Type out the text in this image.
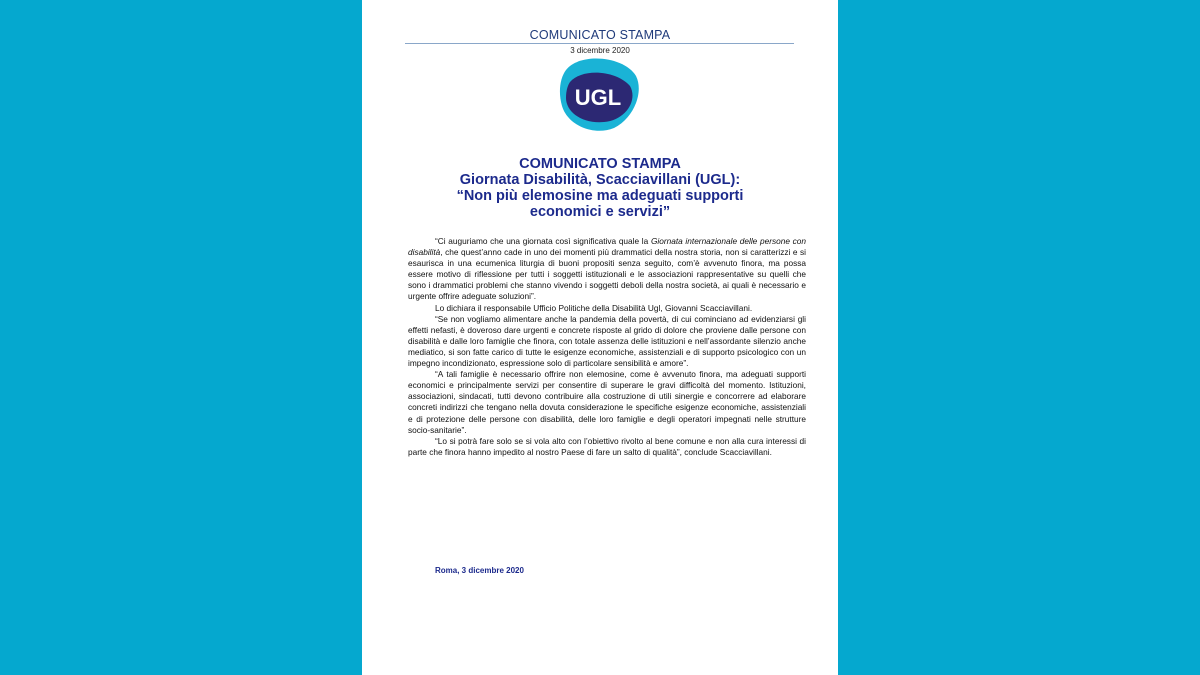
COMUNICATO STAMPA
3 dicembre 2020
UGL
COMUNICATO STAMPA
Giornata Disabilità, Scacciavillani (UGL):
“Non più elemosine ma adeguati supporti
economici e servizi”

“Ci auguriamo che una giornata così significativa quale la Giornata internazionale delle persone con disabilità, che quest’anno cade in uno dei momenti più drammatici della nostra storia, non si caratterizzi e si esaurisca in una ecumenica liturgia di buoni propositi senza seguito, com’è avvenuto finora, ma possa essere motivo di riflessione per tutti i soggetti istituzionali e le associazioni rappresentative su quelli che sono i drammatici problemi che stanno vivendo i soggetti deboli della nostra società, ai quali è necessario e urgente offrire adeguate soluzioni”.

Lo dichiara il responsabile Ufficio Politiche della Disabilità Ugl, Giovanni Scacciavillani.

“Se non vogliamo alimentare anche la pandemia della povertà, di cui cominciano ad evidenziarsi gli effetti nefasti, è doveroso dare urgenti e concrete risposte al grido di dolore che proviene dalle persone con disabilità e dalle loro famiglie che finora, con totale assenza delle istituzioni e nell’assordante silenzio anche mediatico, si son fatte carico di tutte le esigenze economiche, assistenziali e di supporto psicologico con un impegno incondizionato, espressione solo di particolare sensibilità e amore”.

“A tali famiglie è necessario offrire non elemosine, come è avvenuto finora, ma adeguati supporti economici e principalmente servizi per consentire di superare le gravi difficoltà del momento. Istituzioni, associazioni, sindacati, tutti devono contribuire alla costruzione di utili sinergie e concorrere ad elaborare concreti indirizzi che tengano nella dovuta considerazione le specifiche esigenze economiche, assistenziali e di protezione delle persone con disabilità, delle loro famiglie e degli operatori impegnati nelle strutture socio-sanitarie”.

“Lo si potrà fare solo se si vola alto con l’obiettivo rivolto al bene comune e non alla cura interessi di parte che finora hanno impedito al nostro Paese di fare un salto di qualità”, conclude Scacciavillani.

Roma, 3 dicembre 2020
